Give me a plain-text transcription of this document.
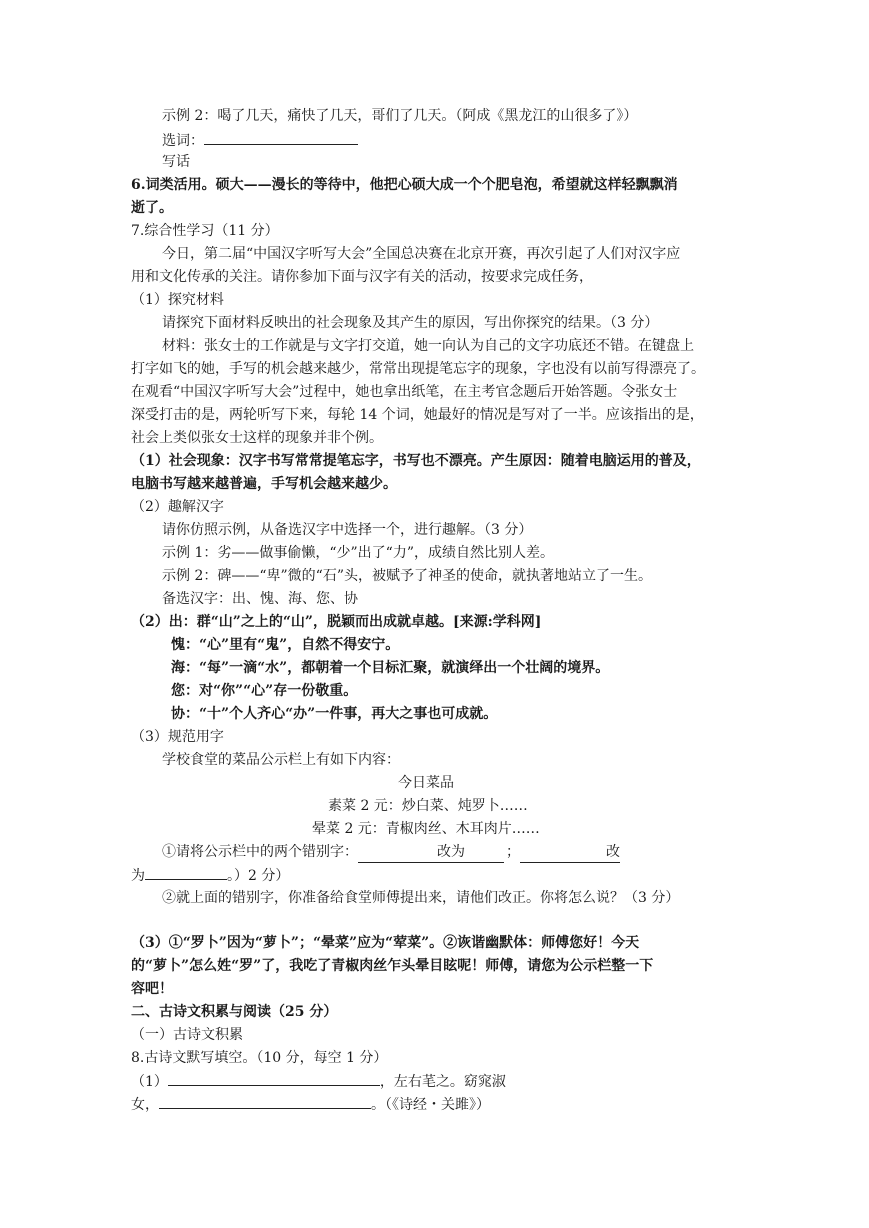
示例 2：喝了几天，痛快了几天，哥们了几天。（阿成《黑龙江的山很多了》）
选词：
写话
6.词类活用。硕大——漫长的等待中，他把心硕大成一个个肥皂泡，希望就这样轻飘飘消
逝了。
7.综合性学习（11 分）
今日，第二届“中国汉字听写大会”全国总决赛在北京开赛，再次引起了人们对汉字应
用和文化传承的关注。请你参加下面与汉字有关的活动，按要求完成任务，
（1）探究材料
请探究下面材料反映出的社会现象及其产生的原因，写出你探究的结果。（3 分）
材料：张女士的工作就是与文字打交道，她一向认为自己的文字功底还不错。在键盘上
打字如飞的她，手写的机会越来越少，常常出现提笔忘字的现象，字也没有以前写得漂亮了。
在观看“中国汉字听写大会”过程中，她也拿出纸笔，在主考官念题后开始答题。令张女士
深受打击的是，两轮听写下来，每轮 14 个词，她最好的情况是写对了一半。应该指出的是，
社会上类似张女士这样的现象并非个例。
（1）社会现象：汉字书写常常提笔忘字，书写也不漂亮。产生原因：随着电脑运用的普及，
电脑书写越来越普遍，手写机会越来越少。
（2）趣解汉字
请你仿照示例，从备选汉字中选择一个，进行趣解。（3 分）
示例 1：劣——做事偷懒，“少”出了“力”，成绩自然比别人差。
示例 2：碑——“卑”微的“石”头，被赋予了神圣的使命，就执著地站立了一生。
备选汉字：出、愧、海、您、协
（2）出：群“山”之上的“山”，脱颖而出成就卓越。[来源:学科网]
愧：“心”里有“鬼”，自然不得安宁。
海：“每”一滴“水”，都朝着一个目标汇聚，就演绎出一个壮阔的境界。
您：对“你”“心”存一份敬重。
协：“十”个人齐心“办”一件事，再大之事也可成就。
（3）规范用字
学校食堂的菜品公示栏上有如下内容：
今日菜品
素菜 2 元：炒白菜、炖罗卜……
晕菜 2 元：青椒肉丝、木耳肉片……
①请将公示栏中的两个错别字：	改为	；	改
为	。）2 分）
②就上面的错别字，你准备给食堂师傅提出来，请他们改正。你将怎么说？（3 分）
（3）①“罗卜”因为“萝卜”；“晕菜”应为“荤菜”。②诙谐幽默体：师傅您好！今天
的“萝卜”怎么姓“罗”了，我吃了青椒肉丝乍头晕目眩呢！师傅，请您为公示栏整一下
容吧！
二、古诗文积累与阅读（25 分）
（一）古诗文积累
8.古诗文默写填空。（10 分，每空 1 分）
（1）	，左右芼之。窈窕淑
女，	。（《诗经・关雎》）
